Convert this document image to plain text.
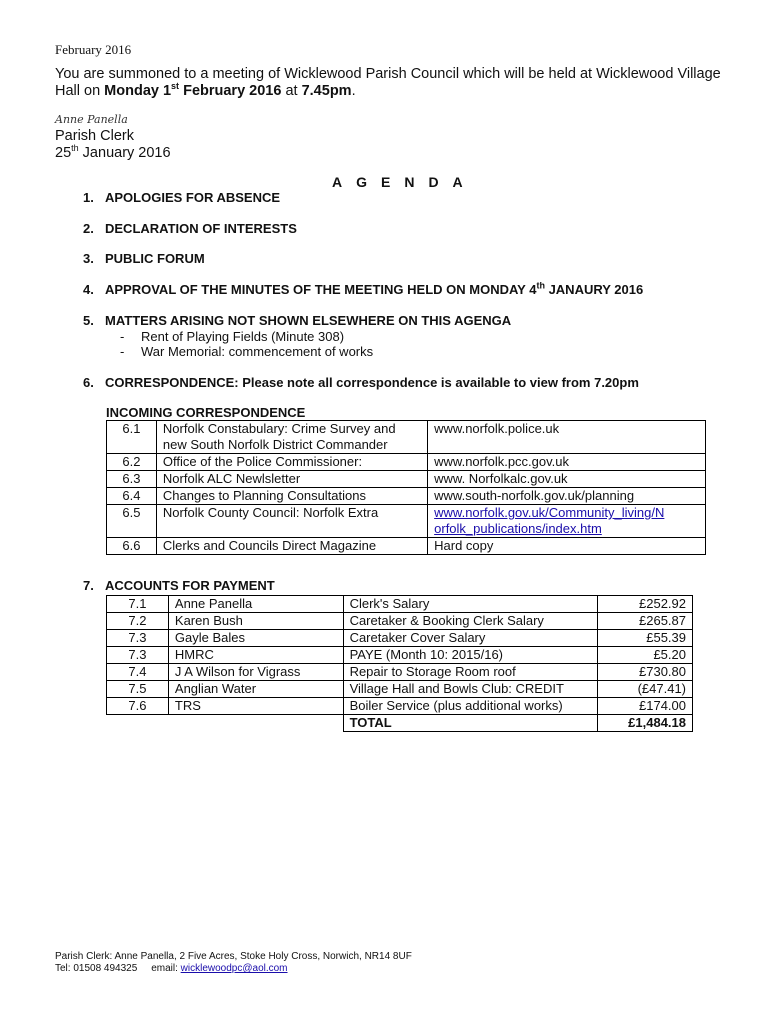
February 2016
You are summoned to a meeting of Wicklewood Parish Council which will be held at Wicklewood Village Hall on Monday 1st February 2016 at 7.45pm.
Anne Panella
Parish Clerk
25th January 2016
AGENDA
1. APOLOGIES FOR ABSENCE
2. DECLARATION OF INTERESTS
3. PUBLIC FORUM
4. APPROVAL OF THE MINUTES OF THE MEETING HELD ON MONDAY 4th JANAURY 2016
5. MATTERS ARISING NOT SHOWN ELSEWHERE ON THIS AGENGA
- Rent of Playing Fields (Minute 308)
- War Memorial: commencement of works
6. CORRESPONDENCE: Please note all correspondence is available to view from 7.20pm
INCOMING CORRESPONDENCE
6.1	Norfolk Constabulary: Crime Survey and
new South Norfolk District Commander	www.norfolk.police.uk

6.2	Office of the Police Commissioner:	www.norfolk.pcc.gov.uk
6.3	Norfolk ALC Newlsletter	www. Norfolkalc.gov.uk
6.4	Changes to Planning Consultations	www.south-norfolk.gov.uk/planning
6.5	Norfolk County Council: Norfolk Extra	www.norfolk.gov.uk/Community_living/N
orfolk_publications/index.htm

6.6	Clerks and Councils Direct Magazine	Hard copy
7. ACCOUNTS FOR PAYMENT
7.1	Anne Panella	Clerk's Salary	£252.92
7.2	Karen Bush	Caretaker & Booking Clerk Salary	£265.87
7.3	Gayle Bales	Caretaker Cover Salary	£55.39
7.3	HMRC	PAYE (Month 10: 2015/16)	£5.20
7.4	J A Wilson for Vigrass	Repair to Storage Room roof	£730.80
7.5	Anglian Water	Village Hall and Bowls Club: CREDIT	(£47.41)
7.6	TRS	Boiler Service (plus additional works)	£174.00
		TOTAL	£1,484.18
Parish Clerk: Anne Panella, 2 Five Acres, Stoke Holy Cross, Norwich, NR14 8UF
Tel: 01508 494325     email: wicklewoodpc@aol.com
